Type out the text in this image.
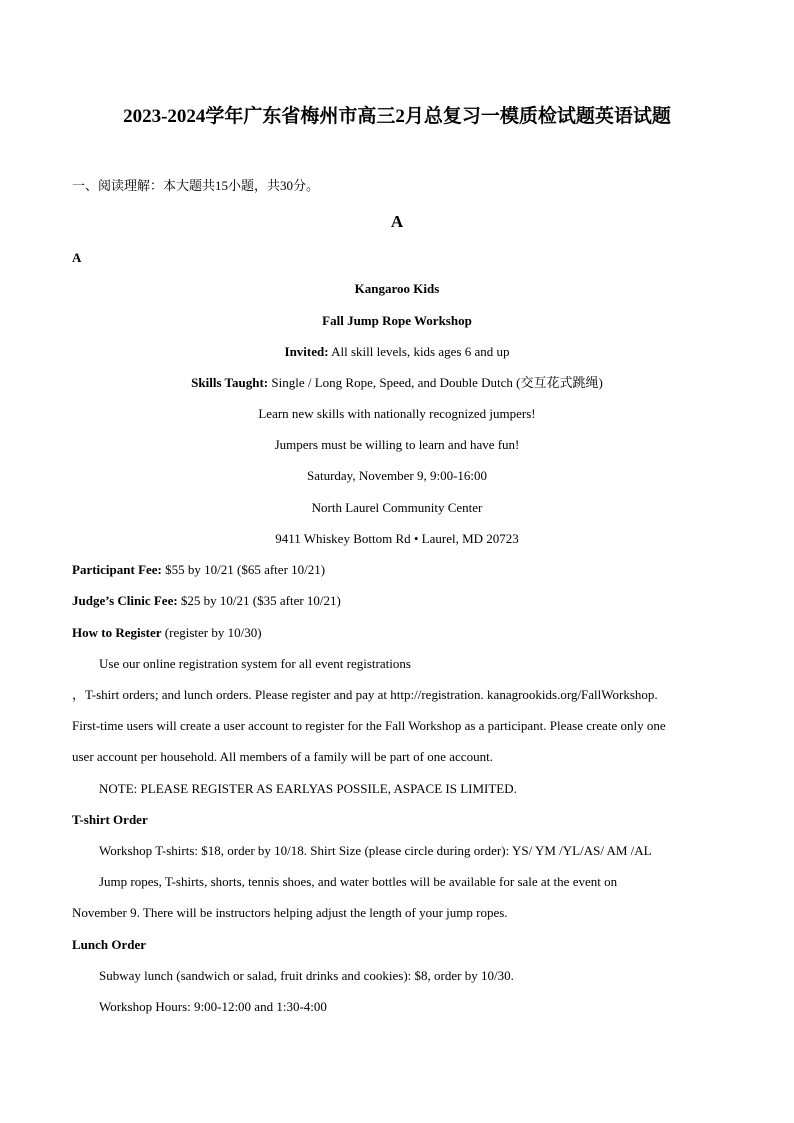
2023-2024学年广东省梅州市高三2月总复习一模质检试题英语试题
一、阅读理解：本大题共15小题，共30分。
A
A
Kangaroo Kids
Fall Jump Rope Workshop
Invited: All skill levels, kids ages 6 and up
Skills Taught: Single / Long Rope, Speed, and Double Dutch (交互花式跳绳)
Learn new skills with nationally recognized jumpers!
Jumpers must be willing to learn and have fun!
Saturday, November 9, 9:00-16:00
North Laurel Community Center
9411 Whiskey Bottom Rd • Laurel, MD 20723
Participant Fee: $55 by 10/21 ($65 after 10/21)
Judge’s Clinic Fee: $25 by 10/21 ($35 after 10/21)
How to Register (register by 10/30)
Use our online registration system for all event registrations
，T-shirt orders; and lunch orders. Please register and pay at http://registration. kanagrookids.org/FallWorkshop.
First-time users will create a user account to register for the Fall Workshop as a participant. Please create only one
user account per household. All members of a family will be part of one account.
NOTE: PLEASE REGISTER AS EARLYAS POSSILE, ASPACE IS LIMITED.
T-shirt Order
Workshop T-shirts: $18, order by 10/18. Shirt Size (please circle during order): YS/ YM /YL/AS/ AM /AL
Jump ropes, T-shirts, shorts, tennis shoes, and water bottles will be available for sale at the event on
November 9. There will be instructors helping adjust the length of your jump ropes.
Lunch Order
Subway lunch (sandwich or salad, fruit drinks and cookies): $8, order by 10/30.
Workshop Hours: 9:00-12:00 and 1:30-4:00
